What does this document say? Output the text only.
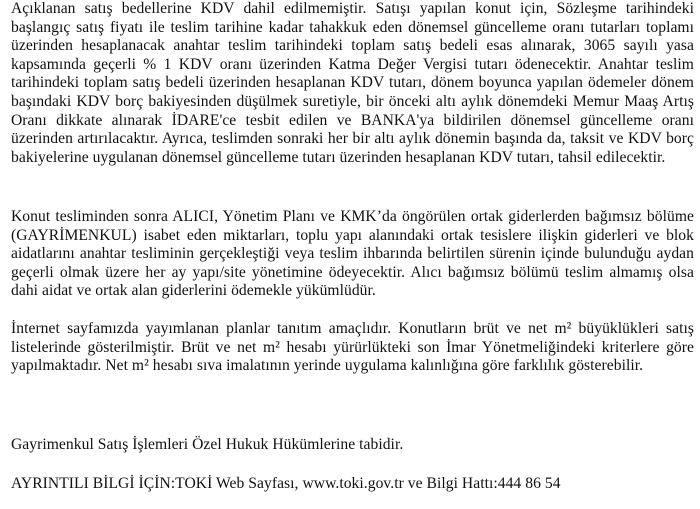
Açıklanan satış bedellerine KDV dahil edilmemiştir. Satışı yapılan konut için, Sözleşme tarihindeki başlangıç satış fiyatı ile teslim tarihine kadar tahakkuk eden dönemsel güncelleme oranı tutarları toplamı üzerinden hesaplanacak anahtar teslim tarihindeki toplam satış bedeli esas alınarak, 3065 sayılı yasa kapsamında geçerli % 1 KDV oranı üzerinden Katma Değer Vergisi tutarı ödenecektir. Anahtar teslim tarihindeki toplam satış bedeli üzerinden hesaplanan KDV tutarı, dönem boyunca yapılan ödemeler dönem başındaki KDV borç bakiyesinden düşülmek suretiyle, bir önceki altı aylık dönemdeki Memur Maaş Artış Oranı dikkate alınarak İDARE'ce tesbit edilen ve BANKA'ya bildirilen dönemsel güncelleme oranı üzerinden artırılacaktır. Ayrıca, teslimden sonraki her bir altı aylık dönemin başında da, taksit ve KDV borç bakiyelerine uygulanan dönemsel güncelleme tutarı üzerinden hesaplanan KDV tutarı, tahsil edilecektir.

Konut tesliminden sonra ALICI, Yönetim Planı ve KMK’da öngörülen ortak giderlerden bağımsız bölüme (GAYRİMENKUL) isabet eden miktarları, toplu yapı alanındaki ortak tesislere ilişkin giderleri ve blok aidatlarını anahtar tesliminin gerçekleştiği veya teslim ihbarında belirtilen sürenin içinde bulunduğu aydan geçerli olmak üzere her ay yapı/site yönetimine ödeyecektir. Alıcı bağımsız bölümü teslim almamış olsa dahi aidat ve ortak alan giderlerini ödemekle yükümlüdür.

İnternet sayfamızda yayımlanan planlar tanıtım amaçlıdır. Konutların brüt ve net m² büyüklükleri satış listelerinde gösterilmiştir. Brüt ve net m² hesabı yürürlükteki son İmar Yönetmeliğindeki kriterlere göre yapılmaktadır. Net m² hesabı sıva imalatının yerinde uygulama kalınlığına göre farklılık gösterebilir.

Gayrimenkul Satış İşlemleri Özel Hukuk Hükümlerine tabidir.

AYRINTILI BİLGİ İÇİN:TOKİ Web Sayfası, www.toki.gov.tr ve Bilgi Hattı:444 86 54
